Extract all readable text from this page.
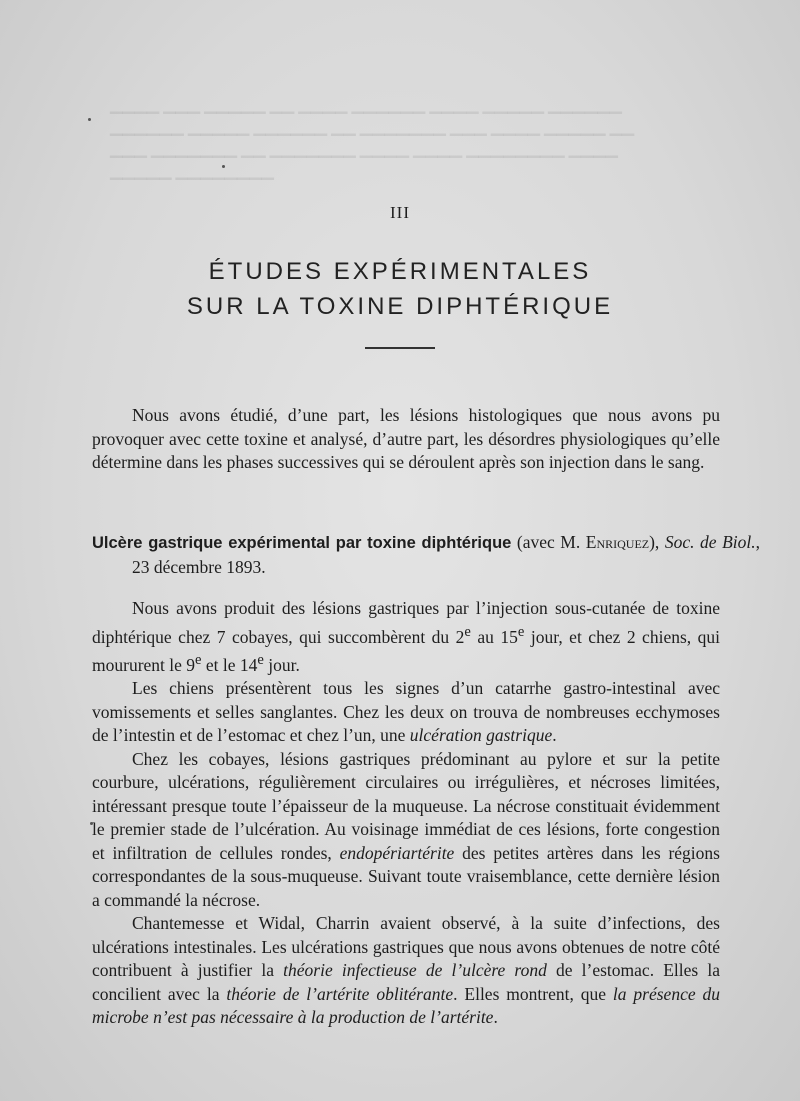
▁▁▁▁ ▁▁▁ ▁▁▁▁▁ ▁▁ ▁▁▁▁ ▁▁▁▁▁▁ ▁▁▁▁ ▁▁▁▁▁ ▁▁▁▁▁▁
▁▁▁▁▁▁ ▁▁▁▁▁ ▁▁▁▁▁▁ ▁▁ ▁▁▁▁▁▁▁ ▁▁▁ ▁▁▁▁ ▁▁▁▁▁ ▁▁
▁▁▁ ▁▁▁▁▁▁▁ ▁▁ ▁▁▁▁▁▁▁ ▁▁▁▁ ▁▁▁▁ ▁▁▁▁▁▁▁▁ ▁▁▁▁
▁▁▁▁▁ ▁▁▁▁▁▁▁▁
III
ÉTUDES EXPÉRIMENTALES
SUR LA TOXINE DIPHTÉRIQUE
Nous avons étudié, d’une part, les lésions histologiques que nous avons pu provoquer avec cette toxine et analysé, d’autre part, les désordres physiologiques qu’elle détermine dans les phases successives qui se déroulent après son injection dans le sang.
Ulcère gastrique expérimental par toxine diphtérique (avec M. Enriquez), Soc. de Biol., 23 décembre 1893.

Nous avons produit des lésions gastriques par l’injection sous-cutanée de toxine diphtérique chez 7 cobayes, qui succombèrent du 2e au 15e jour, et chez 2 chiens, qui moururent le 9e et le 14e jour.

Les chiens présentèrent tous les signes d’un catarrhe gastro-intestinal avec vomissements et selles sanglantes. Chez les deux on trouva de nombreuses ecchymoses de l’intestin et de l’estomac et chez l’un, une ulcération gastrique.

Chez les cobayes, lésions gastriques prédominant au pylore et sur la petite courbure, ulcérations, régulièrement circulaires ou irrégulières, et nécroses limitées, intéressant presque toute l’épaisseur de la muqueuse. La nécrose constituait évidemment le premier stade de l’ulcération. Au voisinage immédiat de ces lésions, forte congestion et infiltration de cellules rondes, endopériartérite des petites artères dans les régions correspondantes de la sous-muqueuse. Suivant toute vraisemblance, cette dernière lésion a commandé la nécrose.

Chantemesse et Widal, Charrin avaient observé, à la suite d’infections, des ulcérations intestinales. Les ulcérations gastriques que nous avons obtenues de notre côté contribuent à justifier la théorie infectieuse de l’ulcère rond de l’estomac. Elles la concilient avec la théorie de l’artérite oblitérante. Elles montrent, que la présence du microbe n’est pas nécessaire à la production de l’artérite.
